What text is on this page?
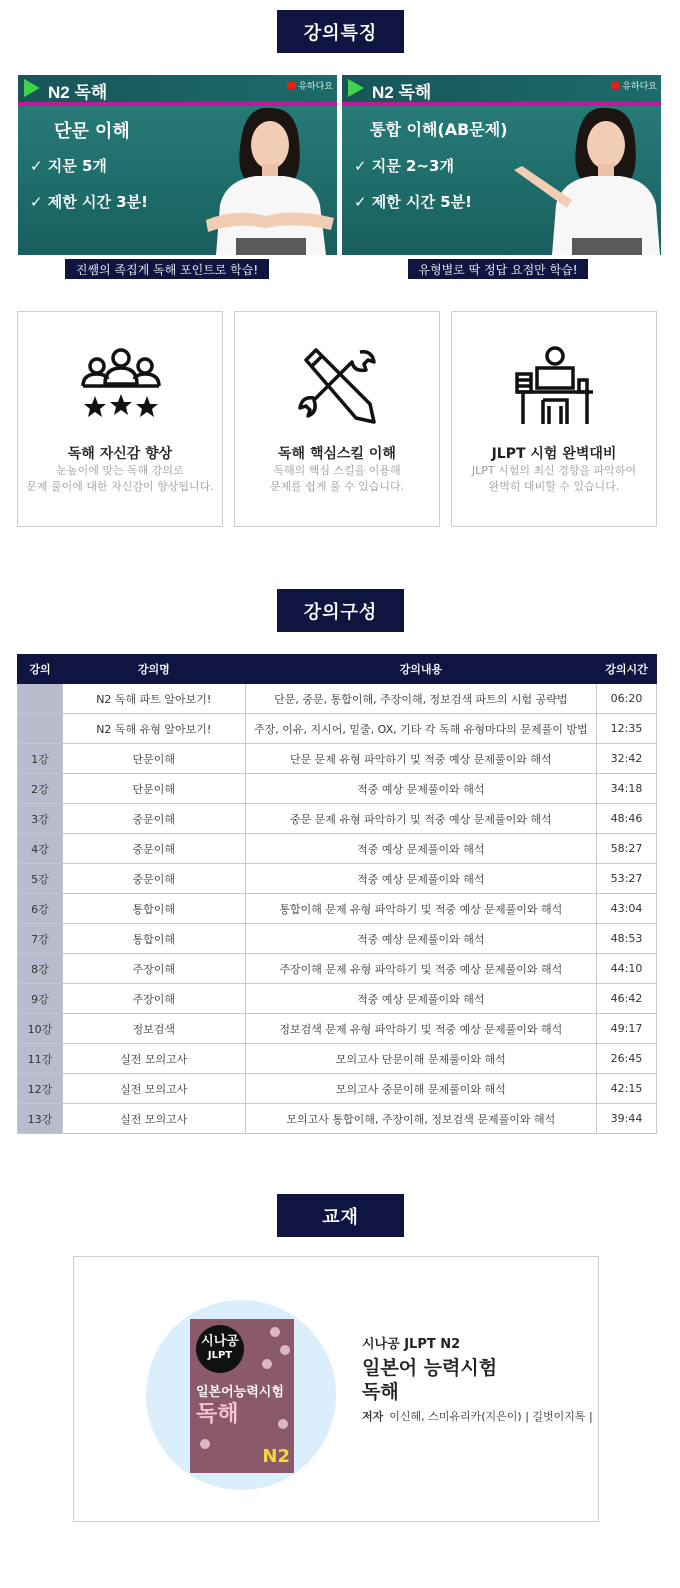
강의특징
N2 독해	유하다요
단문 이해
✓ 지문 5개
✓ 제한 시간 3분!
진쌤의 족집게 독해 포인트로 학습!
N2 독해	유하다요
통합 이해(AB문제)
✓ 지문 2~3개
✓ 제한 시간 5분!
유형별로 딱 정답 요점만 학습!
독해 자신감 향상
눈높이에 맞는 독해 강의로
문제 풀이에 대한 자신감이 향상됩니다.
독해 핵심스킬 이해
독해의 핵심 스킬을 이용해
문제를 쉽게 풀 수 있습니다.
JLPT 시험 완벽대비
JLPT 시험의 최신 경향을 파악하여
완벽히 대비할 수 있습니다.
강의구성
강의	강의명	강의내용	강의시간
	N2 독해 파트 알아보기!	단문, 중문, 통합이해, 주장이해, 정보검색 파트의 시험 공략법	06:20
	N2 독해 유형 알아보기!	주장, 이유, 지시어, 밑줄, OX, 기타 각 독해 유형마다의 문제풀이 방법	12:35
1강	단문이해	단문 문제 유형 파악하기 및 적중 예상 문제풀이와 해석	32:42
2강	단문이해	적중 예상 문제풀이와 해석	34:18
3강	중문이해	중문 문제 유형 파악하기 및 적중 예상 문제풀이와 해석	48:46
4강	중문이해	적중 예상 문제풀이와 해석	58:27
5강	중문이해	적중 예상 문제풀이와 해석	53:27
6강	통합이해	통합이해 문제 유형 파악하기 및 적중 예상 문제풀이와 해석	43:04
7강	통합이해	적중 예상 문제풀이와 해석	48:53
8강	주장이해	주장이해 문제 유형 파악하기 및 적중 예상 문제풀이와 해석	44:10
9강	주장이해	적중 예상 문제풀이와 해석	46:42
10강	정보검색	정보검색 문제 유형 파악하기 및 적중 예상 문제풀이와 해석	49:17
11강	실전 모의고사	모의고사 단문이해 문제풀이와 해석	26:45
12강	실전 모의고사	모의고사 중문이해 문제풀이와 해석	42:15
13강	실전 모의고사	모의고사 통합이해, 주장이해, 정보검색 문제풀이와 해석	39:44
교재
시나공
JLPT
일본어능력시험
독해
N2
시나공 JLPT N2
일본어 능력시험
독해
저자 이신혜, 스미유리카(지은이) | 길벗이지톡 |
